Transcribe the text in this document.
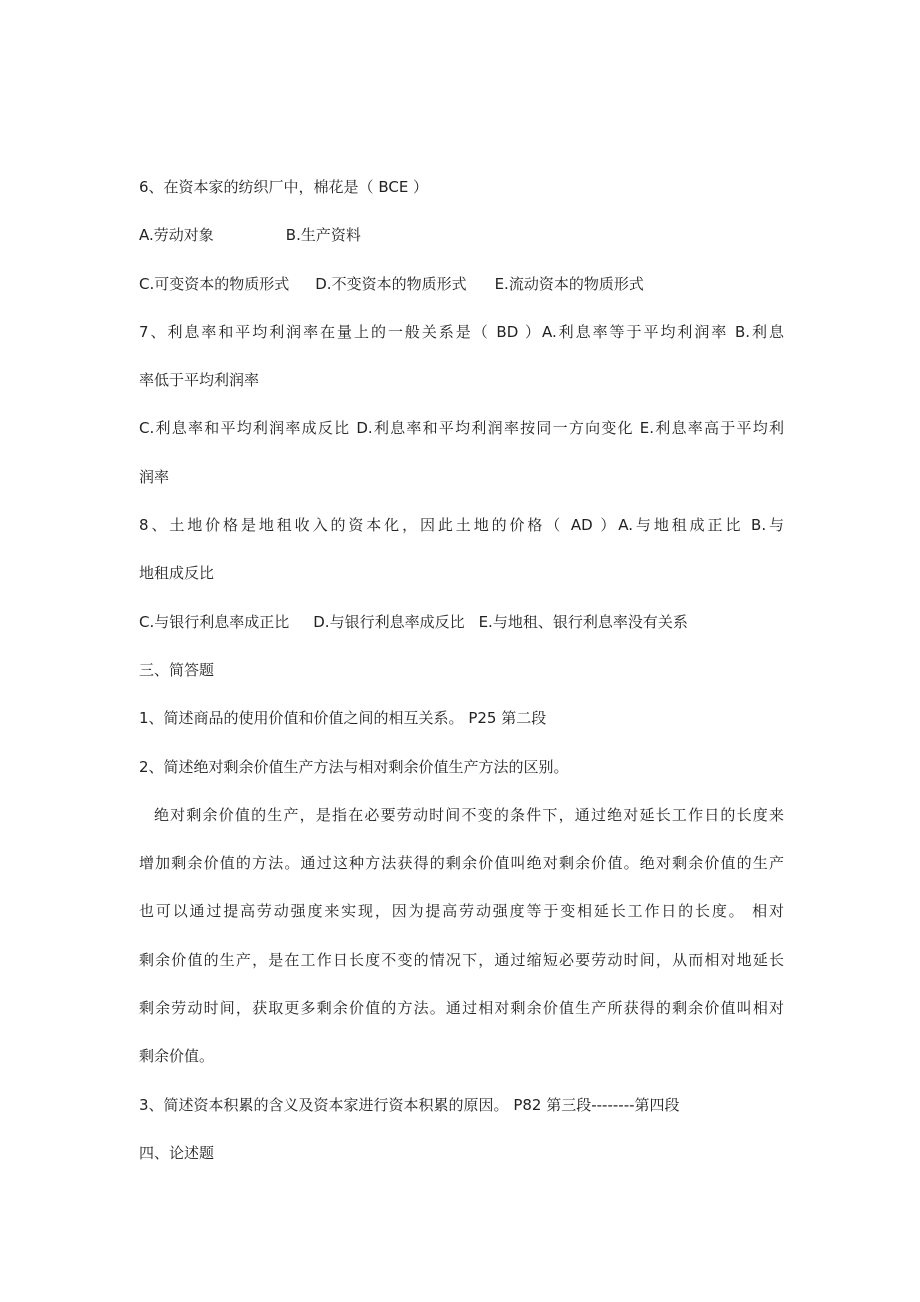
6、在资本家的纺织厂中，棉花是（ BCE ）
A.劳动对象	B.生产资料
C.可变资本的物质形式 D.不变资本的物质形式 E.流动资本的物质形式
7、利息率和平均利润率在量上的一般关系是（ BD ）A.利息率等于平均利润率 B.利息
率低于平均利润率
C.利息率和平均利润率成反比 D.利息率和平均利润率按同一方向变化 E.利息率高于平均利
润率
8、土地价格是地租收入的资本化，因此土地的价格（ AD ）A.与地租成正比 B.与
地租成反比
C.与银行利息率成正比 D.与银行利息率成反比 E.与地租、银行利息率没有关系
三、简答题
1、简述商品的使用价值和价值之间的相互关系。 P25 第二段
2、简述绝对剩余价值生产方法与相对剩余价值生产方法的区别。
绝对剩余价值的生产，是指在必要劳动时间不变的条件下，通过绝对延长工作日的长度来
增加剩余价值的方法。通过这种方法获得的剩余价值叫绝对剩余价值。绝对剩余价值的生产
也可以通过提高劳动强度来实现，因为提高劳动强度等于变相延长工作日的长度。 相对
剩余价值的生产，是在工作日长度不变的情况下，通过缩短必要劳动时间，从而相对地延长
剩余劳动时间，获取更多剩余价值的方法。通过相对剩余价值生产所获得的剩余价值叫相对
剩余价值。
3、简述资本积累的含义及资本家进行资本积累的原因。 P82 第三段--------第四段
四、论述题
